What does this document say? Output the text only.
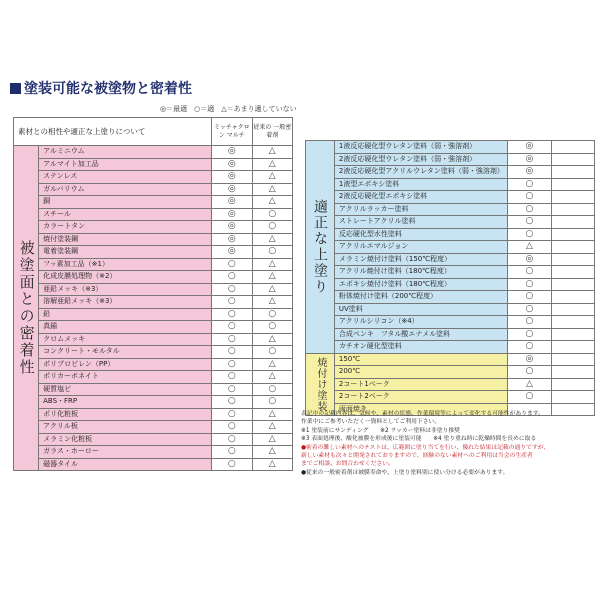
塗装可能な被塗物と密着性
◎＝最適　○＝適　△＝あまり適していない
素材との相性や適正な上塗りについて		ミッチャクロン マルチ	従来の 一般密着剤
被塗面との密着性	アルミニウム	◎	△
	アルマイト加工品	◎	△
	ステンレス	◎	△
	ガルバリウム	◎	△
	銅	◎	△
	スチール	◎	○
	カラートタン	◎	○
	焼付塗装鋼	◎	△
	電着塗装鋼	◎	○
	フッ素加工品（※1）	○	△
	化成皮膜処理物（※2）	○	△
	亜鉛メッキ（※3）	○	△
	溶解亜鉛メッキ（※3）	○	△
	鉛	○	○
	真鍮	○	○
	クロムメッキ	○	△
	コンクリート・モルタル	○	○
	ポリプロピレン（PP）	○	△
	ポリカーボネイト	○	△
	硬質塩ビ	○	○
	ABS・FRP	○	○
	ポリ化粧板	○	△
	アクリル板	○	△
	メラミン化粧板	○	△
	ガラス・ホーロー	○	△
	磁器タイル	○	△
適正な上塗り	1液反応硬化型ウレタン塗料（弱・強溶剤）	◎	
	2液反応硬化型ウレタン塗料（弱・強溶剤）	◎	
	2液反応硬化型アクリルウレタン塗料（弱・強溶剤）	◎	
	1液型エポキシ塗料	○	
	2液反応硬化型エポキシ塗料	○	
	アクリルラッカー塗料	○	
	ストレートアクリル塗料	○	
	反応硬化型水性塗料	○	
	アクリルエマルジョン	△	
	メラミン焼付け塗料（150℃程度）	◎	
	アクリル焼付け塗料（180℃程度）	○	
	エポキシ焼付け塗料（180℃程度）	○	
	粉体焼付け塗料（200℃程度）	○	
	UV塗料	○	
	アクリルシリコン（※4）	○	
	合成ペンキ　フタル酸エナメル塗料	○	
	カチオン硬化型塗料	○	
焼付け塗装	150℃	◎	
	200℃	○	
	2コート1ベーク	△	
	2コート2ベーク	○	
	両面焼き		
表記中の記載内容は、気候や、素材の状態、作業環境等によって変化する可能性があります。
作業中にご参考いただく一資料としてご利用下さい。
※1 塗装前にサンディング　　※2 ラッカー塗料は非塗り推奨
※3 表面処理後、酸化被膜を形成後に塗装可能　　※4 塗り重ね時に乾燥時間を長めに取る
●密着の難しい素材へのテストは、広範囲に塗り当てを行い、優れた結果は記載の通りですが、
新しい素材も次々と開発されておりますので、経験のない素材へのご利用は当会の生産者
までご相談、お問合わせください。
●従来の一般密着剤は被膜寿命や、上塗り塗料別に使い分ける必要があります。
